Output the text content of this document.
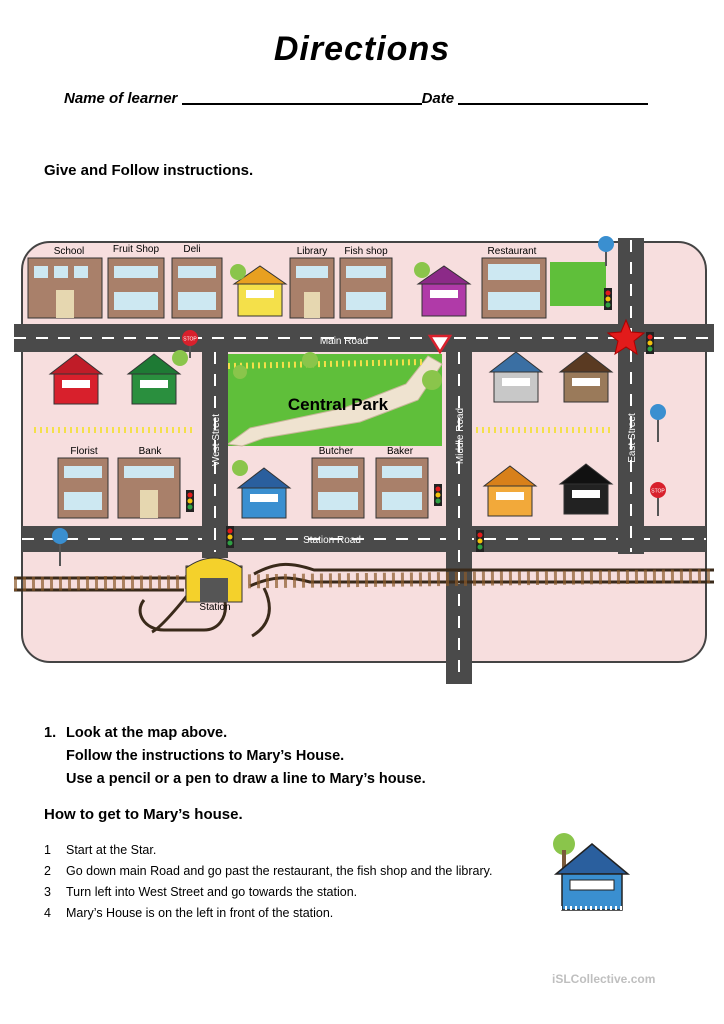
Directions
Name of learner	Date
Give and Follow instructions.
Central Park
Main Road
Station Road
West Street	Middle Road	East Street
Station
School	Fruit Shop Deli	Library Fish shop	Restaurant
Florist	Bank	Butcher	Baker
STOP
STOP
1. Look at the map above.
Follow the instructions to Mary’s House.
Use a pencil or a pen to draw a line to Mary’s house.
How to get to Mary’s house.
1 Start at the Star.
2 Go down main Road and go past the restaurant, the fish shop and the library.
3 Turn left into West Street and go towards the station.
4 Mary’s House is on the left in front of the station.
iSLCollective.com
